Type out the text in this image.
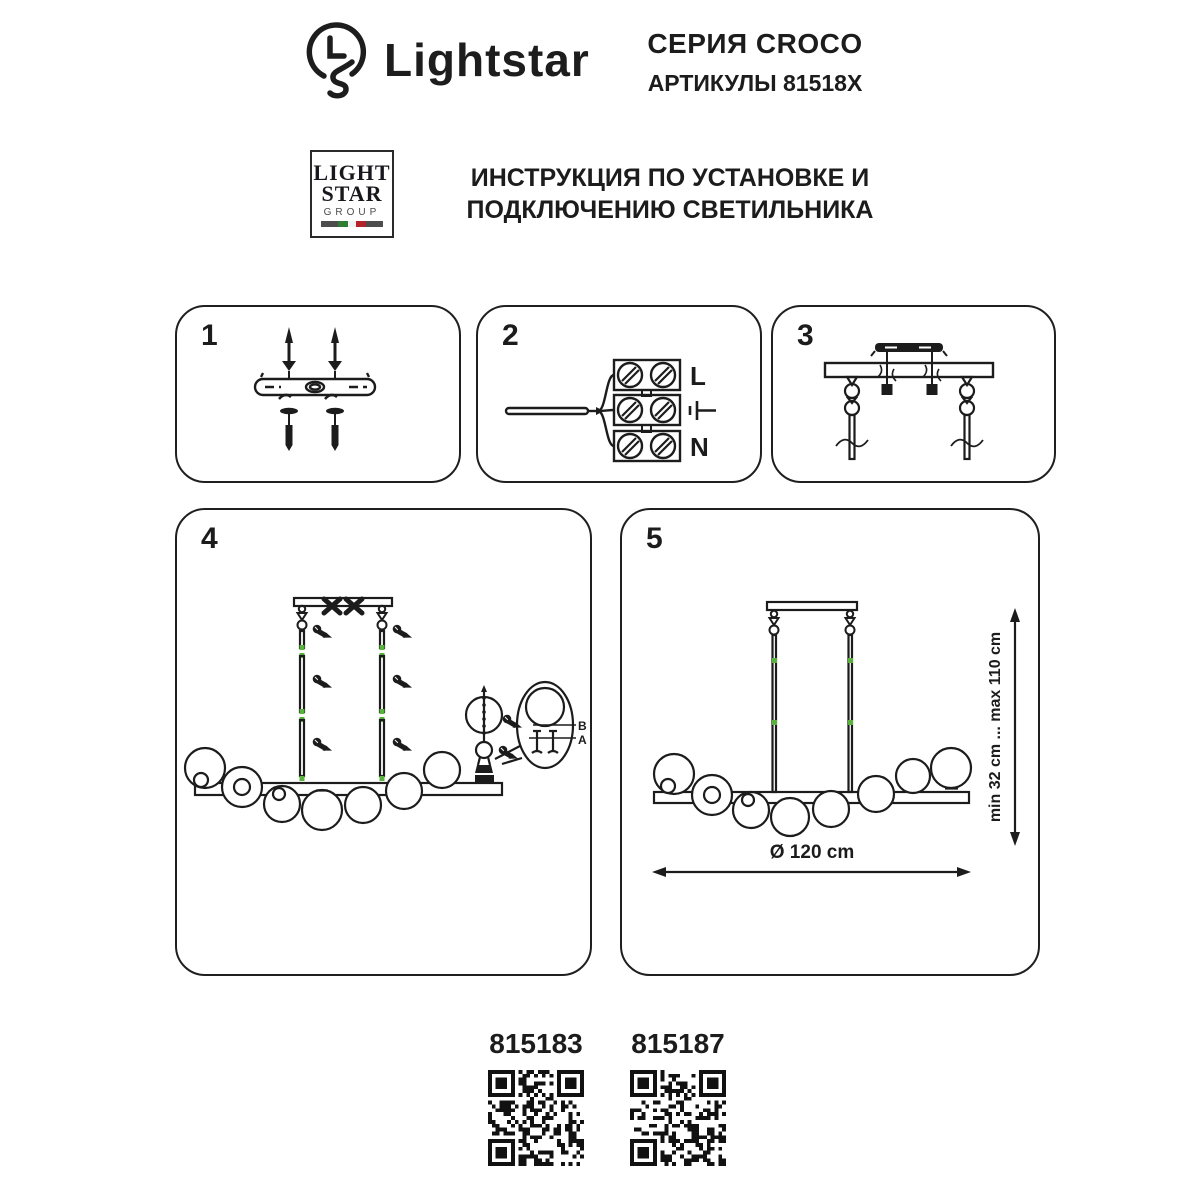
Lightstar	СЕРИЯ CROCO
АРТИКУЛЫ 81518X
LIGHT
STAR
GROUP
ИНСТРУКЦИЯ ПО УСТАНОВКЕ И
ПОДКЛЮЧЕНИЮ СВЕТИЛЬНИКА
1	2
L
N
3
4
B
A
5
min 32 cm ... max 110 cm
Ø 120 cm
815183	815187
